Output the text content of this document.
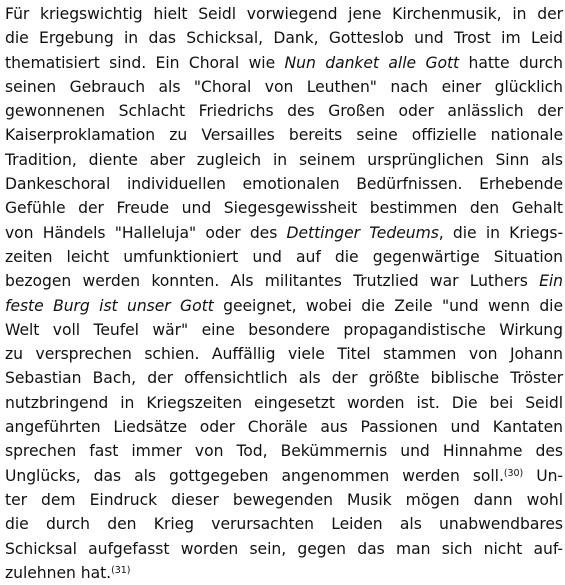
Für kriegswichtig hielt Seidl vorwiegend jene Kirchenmusik, in der
die Ergebung in das Schicksal, Dank, Gotteslob und Trost im Leid
thematisiert sind. Ein Choral wie Nun danket alle Gott hatte durch
seinen Gebrauch als "Choral von Leuthen" nach einer glücklich
gewonnenen Schlacht Friedrichs des Großen oder anlässlich der
Kaiserproklamation zu Versailles bereits seine offizielle nationale
Tradition, diente aber zugleich in seinem ursprünglichen Sinn als
Dankeschoral individuellen emotionalen Bedürfnissen. Erhebende
Gefühle der Freude und Siegesgewissheit bestimmen den Gehalt
von Händels "Halleluja" oder des Dettinger Tedeums, die in Kriegs-
zeiten leicht umfunktioniert und auf die gegenwärtige Situation
bezogen werden konnten. Als militantes Trutzlied war Luthers Ein
feste Burg ist unser Gott geeignet, wobei die Zeile "und wenn die
Welt voll Teufel wär" eine besondere propagandistische Wirkung
zu versprechen schien. Auffällig viele Titel stammen von Johann
Sebastian Bach, der offensichtlich als der größte biblische Tröster
nutzbringend in Kriegszeiten eingesetzt worden ist. Die bei Seidl
angeführten Liedsätze oder Choräle aus Passionen und Kantaten
sprechen fast immer von Tod, Bekümmernis und Hinnahme des
Unglücks, das als gottgegeben angenommen werden soll.$^{(30)}$ Un-
ter dem Eindruck dieser bewegenden Musik mögen dann wohl
die durch den Krieg verursachten Leiden als unabwendbares
Schicksal aufgefasst worden sein, gegen das man sich nicht auf-
zulehnen hat.$^{(31)}$
